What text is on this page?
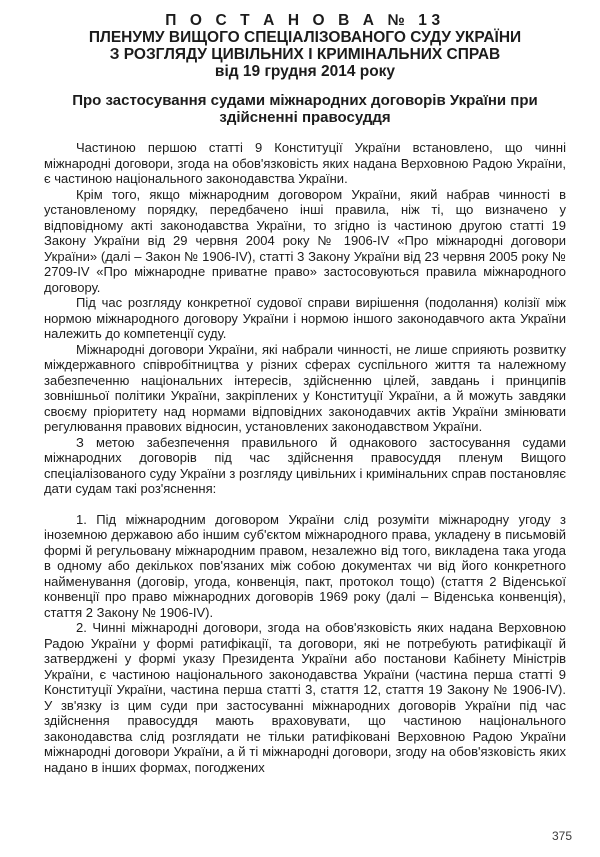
П О С Т А Н О В А № 13
ПЛЕНУМУ ВИЩОГО СПЕЦІАЛІЗОВАНОГО СУДУ УКРАЇНИ
З РОЗГЛЯДУ ЦИВІЛЬНИХ І КРИМІНАЛЬНИХ СПРАВ
від 19 грудня 2014 року
Про застосування судами міжнародних договорів України при
здійсненні правосуддя

Частиною першою статті 9 Конституції України встановлено, що чинні міжнародні договори, згода на обов'язковість яких надана Верховною Радою України, є частиною національного законодавства України.

Крім того, якщо міжнародним договором України, який набрав чинності в установленому порядку, передбачено інші правила, ніж ті, що визначено у відповідному акті законодавства України, то згідно із частиною другою статті 19 Закону України від 29 червня 2004 року № 1906-IV «Про міжнародні договори України» (далі – Закон № 1906-IV), статті 3 Закону України від 23 червня 2005 року № 2709-IV «Про міжнародне приватне право» застосовуються правила міжнародного договору.

Під час розгляду конкретної судової справи вирішення (подолання) колізії між нормою міжнародного договору України і нормою іншого законодавчого акта України належить до компетенції суду.

Міжнародні договори України, які набрали чинності, не лише сприяють розвитку міждержавного співробітництва у різних сферах суспільного життя та належному забезпеченню національних інтересів, здійсненню цілей, завдань і принципів зовнішньої політики України, закріплених у Конституції України, а й можуть завдяки своєму пріоритету над нормами відповідних законодавчих актів України змінювати регулювання правових відносин, установлених законодавством України.

З метою забезпечення правильного й однакового застосування судами міжнародних договорів під час здійснення правосуддя пленум Вищого спеціалізованого суду України з розгляду цивільних і кримінальних справ постановляє дати судам такі роз'яснення:

1. Під міжнародним договором України слід розуміти міжнародну угоду з іноземною державою або іншим суб'єктом міжнародного права, укладену в письмовій формі й регульовану міжнародним правом, незалежно від того, викладена така угода в одному або декількох пов'язаних між собою документах чи від його конкретного найменування (договір, угода, конвенція, пакт, протокол тощо) (стаття 2 Віденської конвенції про право міжнародних договорів 1969 року (далі – Віденська конвенція), стаття 2 Закону № 1906-IV).

2. Чинні міжнародні договори, згода на обов'язковість яких надана Верховною Радою України у формі ратифікації, та договори, які не потребують ратифікації й затверджені у формі указу Президента України або постанови Кабінету Міністрів України, є частиною національного законодавства України (частина перша статті 9 Конституції України, частина перша статті 3, стаття 12, стаття 19 Закону № 1906-IV). У зв'язку із цим суди при застосуванні міжнародних договорів України під час здійснення правосуддя мають враховувати, що частиною національного законодавства слід розглядати не тільки ратифіковані Верховною Радою України міжнародні договори України, а й ті міжнародні договори, згоду на обов'язковість яких надано в інших формах, погоджених

375
